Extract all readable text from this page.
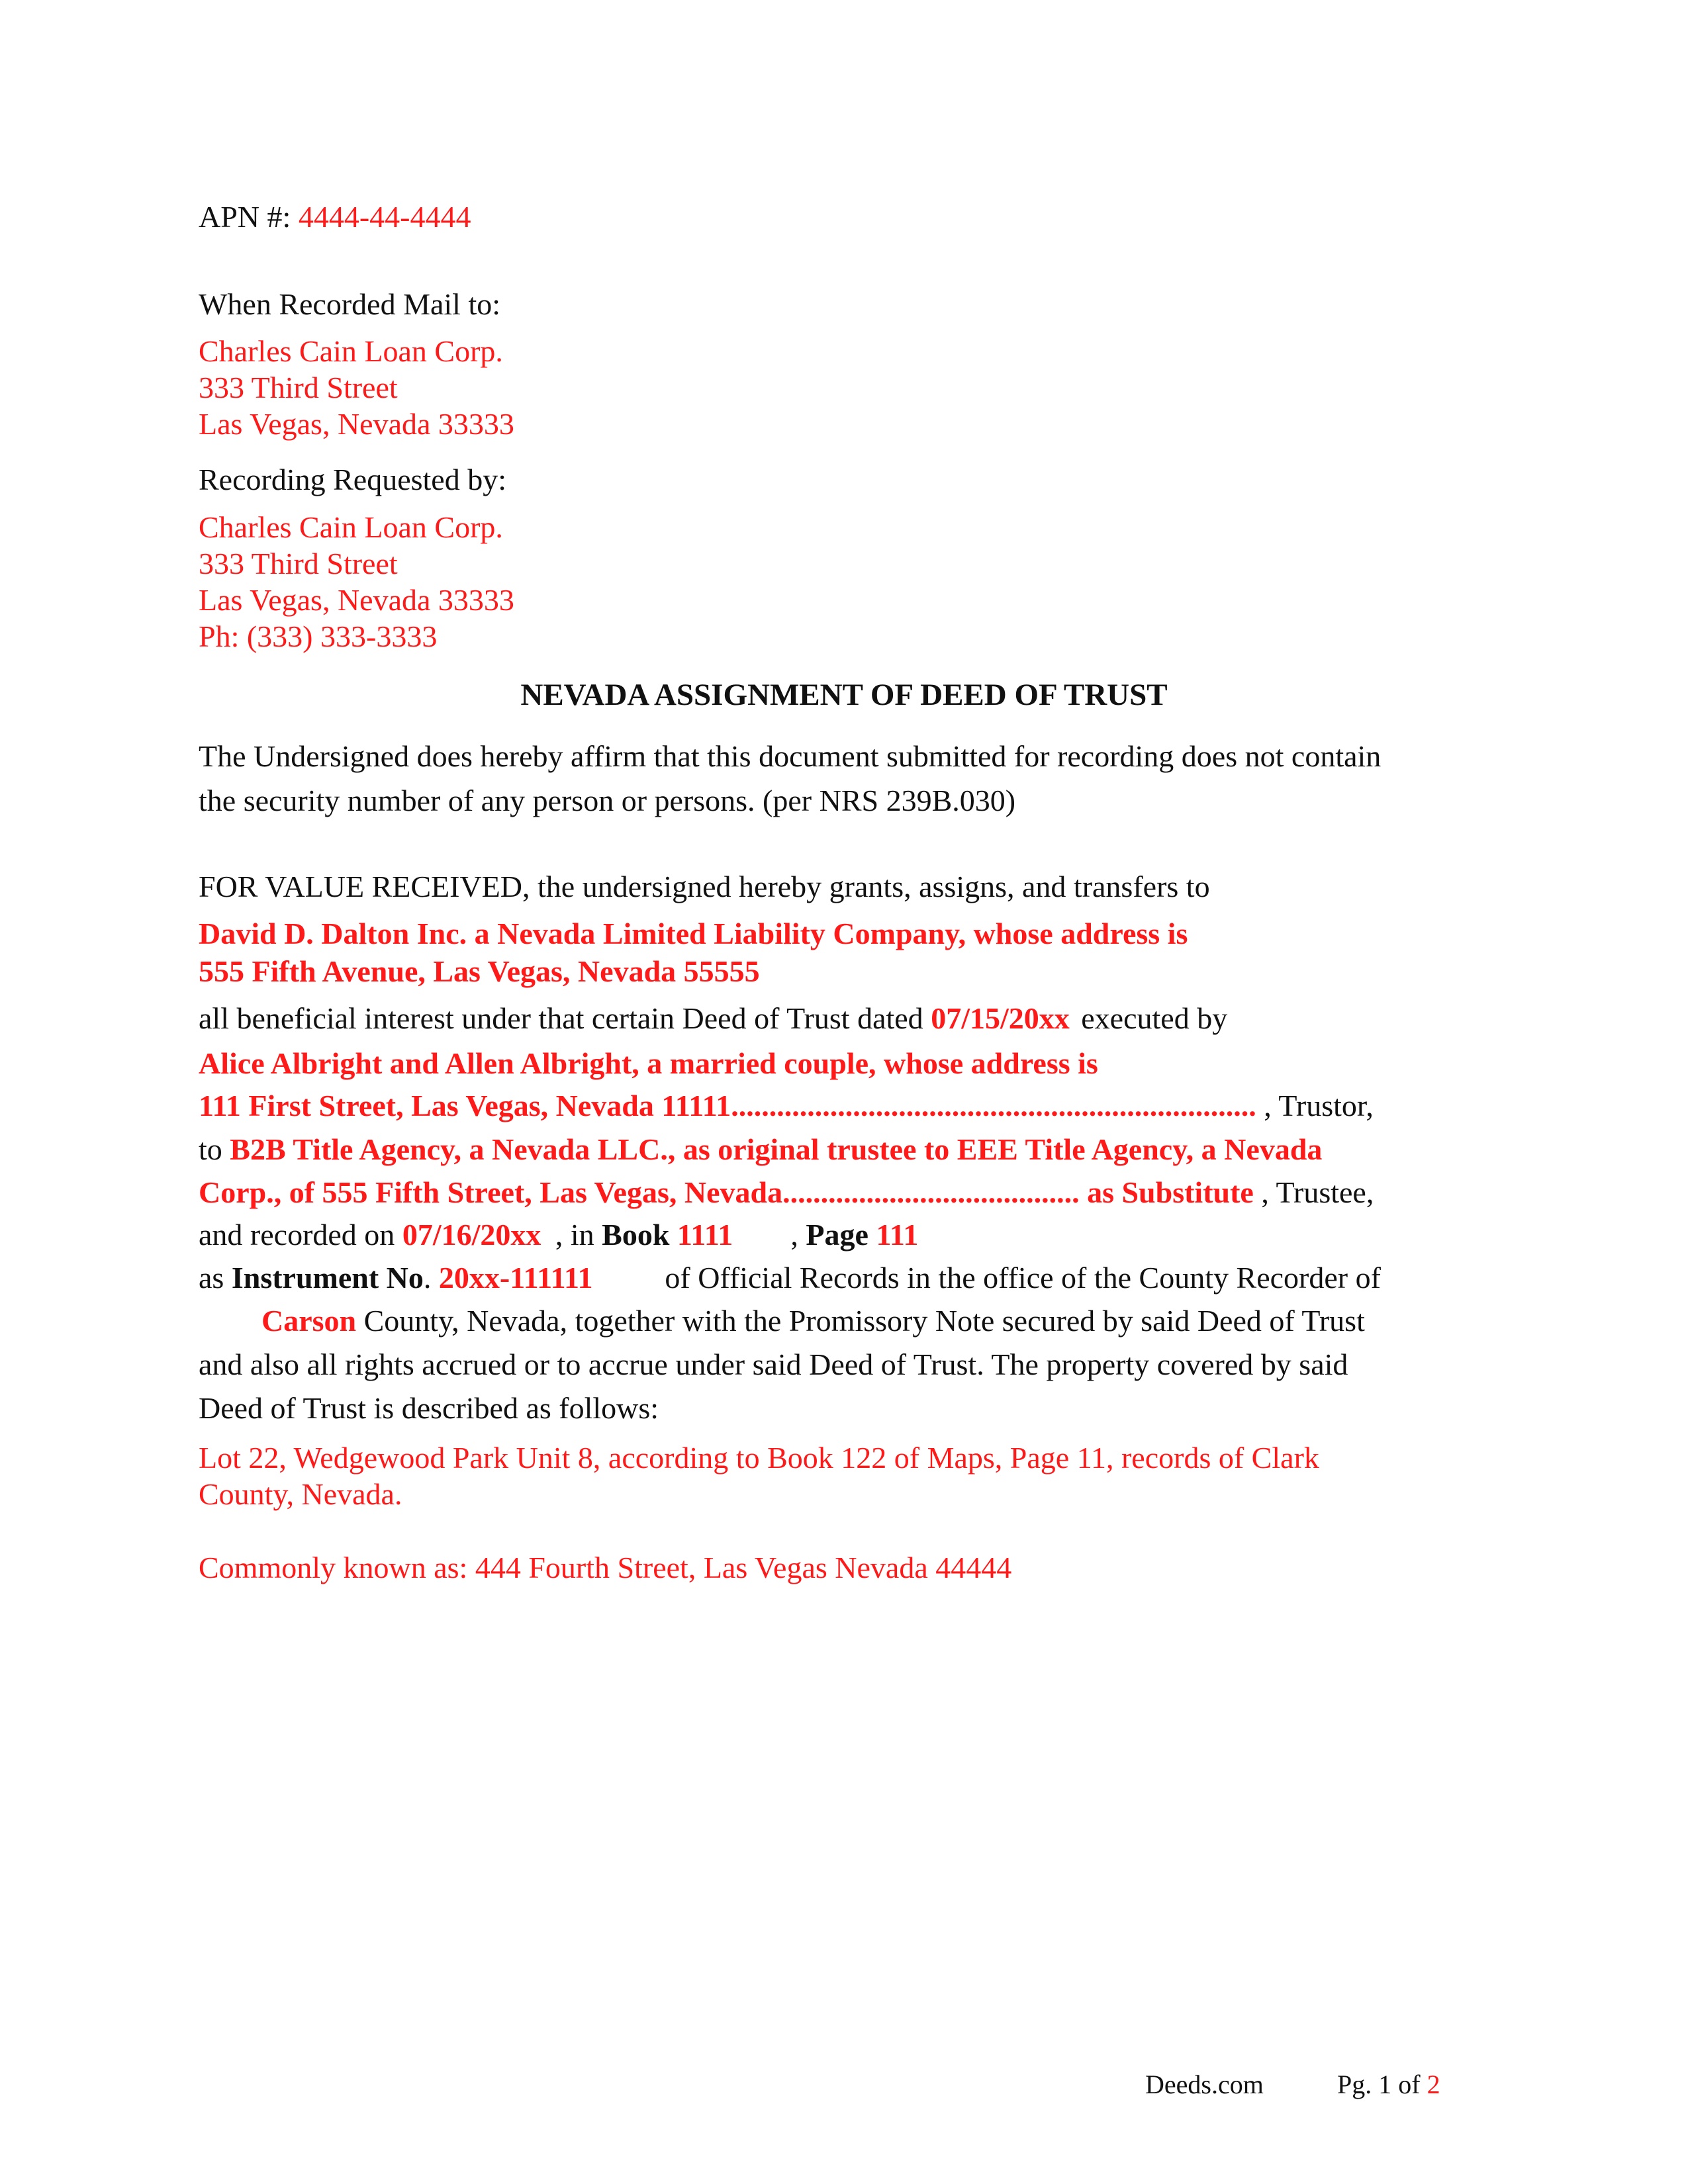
APN #: 4444-44-4444
When Recorded Mail to:
Charles Cain Loan Corp.
333 Third Street
Las Vegas, Nevada 33333
Recording Requested by:
Charles Cain Loan Corp.
333 Third Street
Las Vegas, Nevada 33333
Ph: (333) 333-3333
NEVADA ASSIGNMENT OF DEED OF TRUST
The Undersigned does hereby affirm that this document submitted for recording does not contain
the security number of any person or persons. (per NRS 239B.030)
FOR VALUE RECEIVED, the undersigned hereby grants, assigns, and transfers to
David D. Dalton Inc. a Nevada Limited Liability Company, whose address is
555 Fifth Avenue, Las Vegas, Nevada 55555
all beneficial interest under that certain Deed of Trust dated 07/15/20xx executed by
Alice Albright and Allen Albright, a married couple, whose address is
111 First Street, Las Vegas, Nevada 11111..................................................................... , Trustor,
to B2B Title Agency, a Nevada LLC., as original trustee to EEE Title Agency, a Nevada
Corp., of 555 Fifth Street, Las Vegas, Nevada....................................... as Substitute , Trustee,
and recorded on 07/16/20xx , in Book 1111 , Page 111
as Instrument No. 20xx-111111 of Official Records in the office of the County Recorder of
Carson County, Nevada, together with the Promissory Note secured by said Deed of Trust
and also all rights accrued or to accrue under said Deed of Trust. The property covered by said
Deed of Trust is described as follows:
Lot 22, Wedgewood Park Unit 8, according to Book 122 of Maps, Page 11, records of Clark
County, Nevada.
Commonly known as: 444 Fourth Street, Las Vegas Nevada 44444
Deeds.com	Pg. 1 of 2
